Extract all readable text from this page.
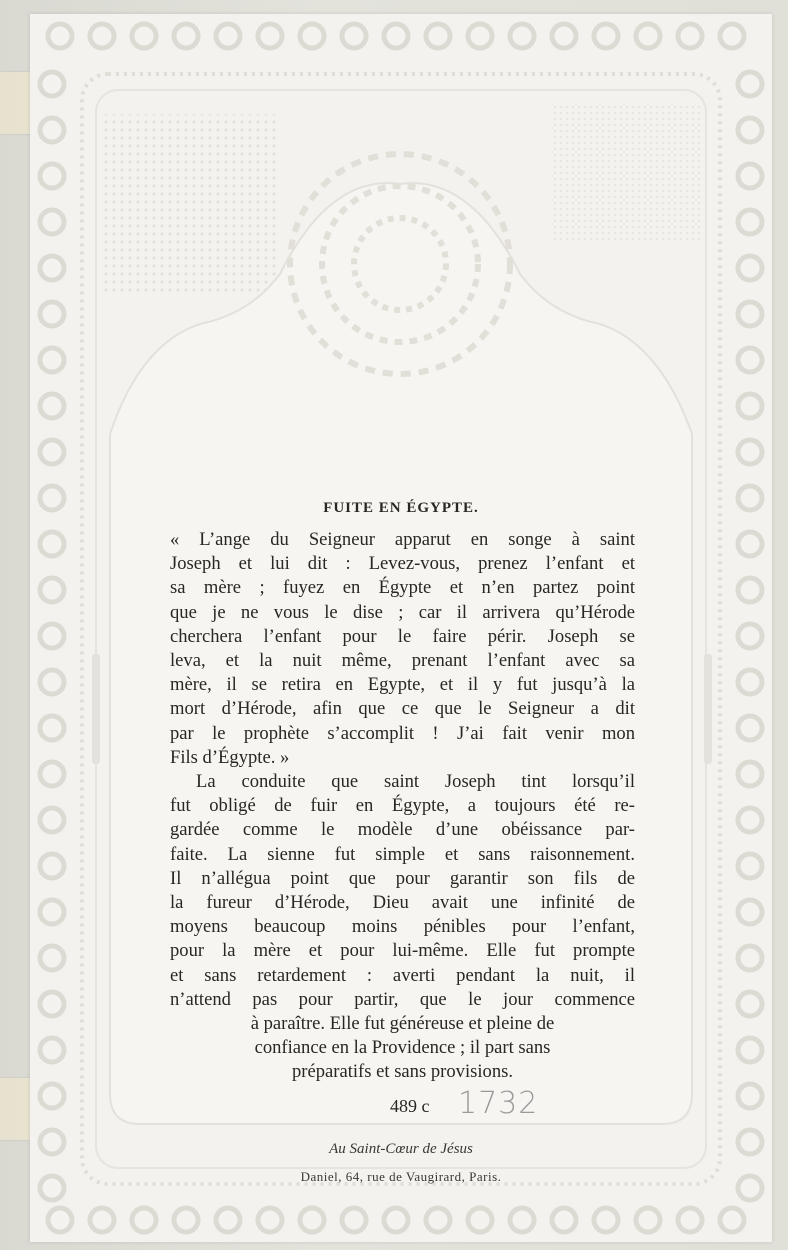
FUITE EN ÉGYPTE.
« L’ange du Seigneur apparut en songe à saint
Joseph et lui dit : Levez-vous, prenez l’enfant et
sa mère ; fuyez en Égypte et n’en partez point
que je ne vous le dise ; car il arrivera qu’Hérode
cherchera l’enfant pour le faire périr. Joseph se
leva, et la nuit même, prenant l’enfant avec sa
mère, il se retira en Egypte, et il y fut jusqu’à la
mort d’Hérode, afin que ce que le Seigneur a dit
par le prophète s’accomplit ! J’ai fait venir mon
Fils d’Égypte. »
La conduite que saint Joseph tint lorsqu’il
fut obligé de fuir en Égypte, a toujours été re-
gardée comme le modèle d’une obéissance par-
faite. La sienne fut simple et sans raisonnement.
Il n’allégua point que pour garantir son fils de
la fureur d’Hérode, Dieu avait une infinité de
moyens beaucoup moins pénibles pour l’enfant,
pour la mère et pour lui-même. Elle fut prompte
et sans retardement : averti pendant la nuit, il
n’attend pas pour partir, que le jour commence
à paraître. Elle fut généreuse et pleine de
confiance en la Providence ; il part sans
préparatifs et sans provisions.
489 c 1732
Au Saint-Cœur de Jésus
Daniel, 64, rue de Vaugirard, Paris.
